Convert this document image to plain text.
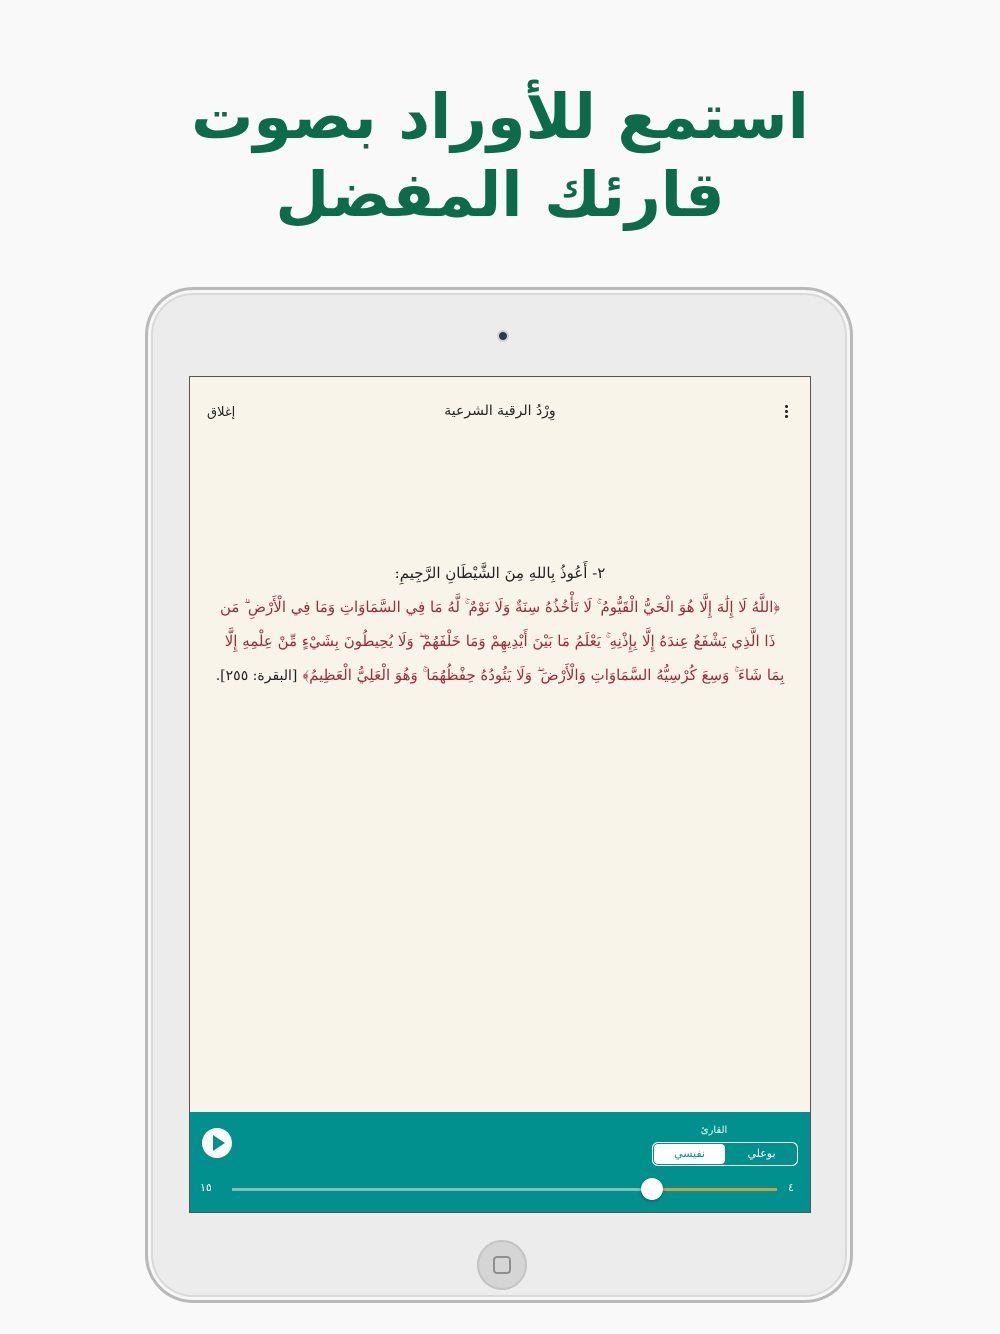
استمع للأوراد بصوت
قارئك المفضل
إغلاق	وِرْدُ الرقية الشرعية
٢- أَعُوذُ بِاللهِ مِنَ الشَّيْطَانِ الرَّجِيمِ:
﴿اللَّهُ لَا إِلَٰهَ إِلَّا هُوَ الْحَيُّ الْقَيُّومُ ۚ لَا تَأْخُذُهُ سِنَةٌ وَلَا نَوْمٌ ۚ لَّهُ مَا فِي السَّمَاوَاتِ وَمَا فِي الْأَرْضِ ۗ مَن ذَا الَّذِي يَشْفَعُ عِندَهُ إِلَّا بِإِذْنِهِ ۚ يَعْلَمُ مَا بَيْنَ أَيْدِيهِمْ وَمَا خَلْفَهُمْ ۖ وَلَا يُحِيطُونَ بِشَيْءٍ مِّنْ عِلْمِهِ إِلَّا بِمَا شَاءَ ۚ وَسِعَ كُرْسِيُّهُ السَّمَاوَاتِ وَالْأَرْضَ ۖ وَلَا يَئُودُهُ حِفْظُهُمَا ۚ وَهُوَ الْعَلِيُّ الْعَظِيمُ﴾ [البقرة: ٢٥٥].
القارئ
بوعلي
نفيسي
١٥	٤
